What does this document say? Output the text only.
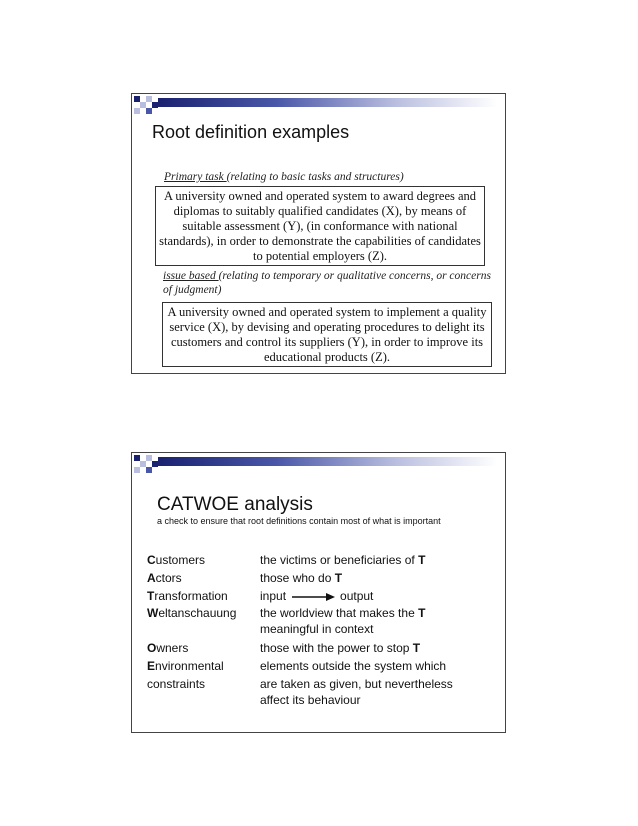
Root definition examples
Primary task (relating to basic tasks and structures)
A university owned and operated system to award degrees and diplomas to suitably qualified candidates (X), by means of suitable assessment (Y), (in conformance with national standards), in order to demonstrate the capabilities of candidates to potential employers (Z).
issue based (relating to temporary or qualitative concerns, or concerns of judgment)
A university owned and operated system to implement a quality service (X), by devising and operating procedures to delight its customers and control its suppliers (Y), in order to improve its educational products (Z).
CATWOE analysis
a check to ensure that root definitions contain most of what is important
Customers	the victims or beneficiaries of T
Actors	those who do T
Transformation	input	output
Weltanschauung	the worldview that makes the T meaningful in context
Owners	those with the power to stop T
Environmental	elements outside the system which
constraints	are taken as given, but nevertheless affect its behaviour
